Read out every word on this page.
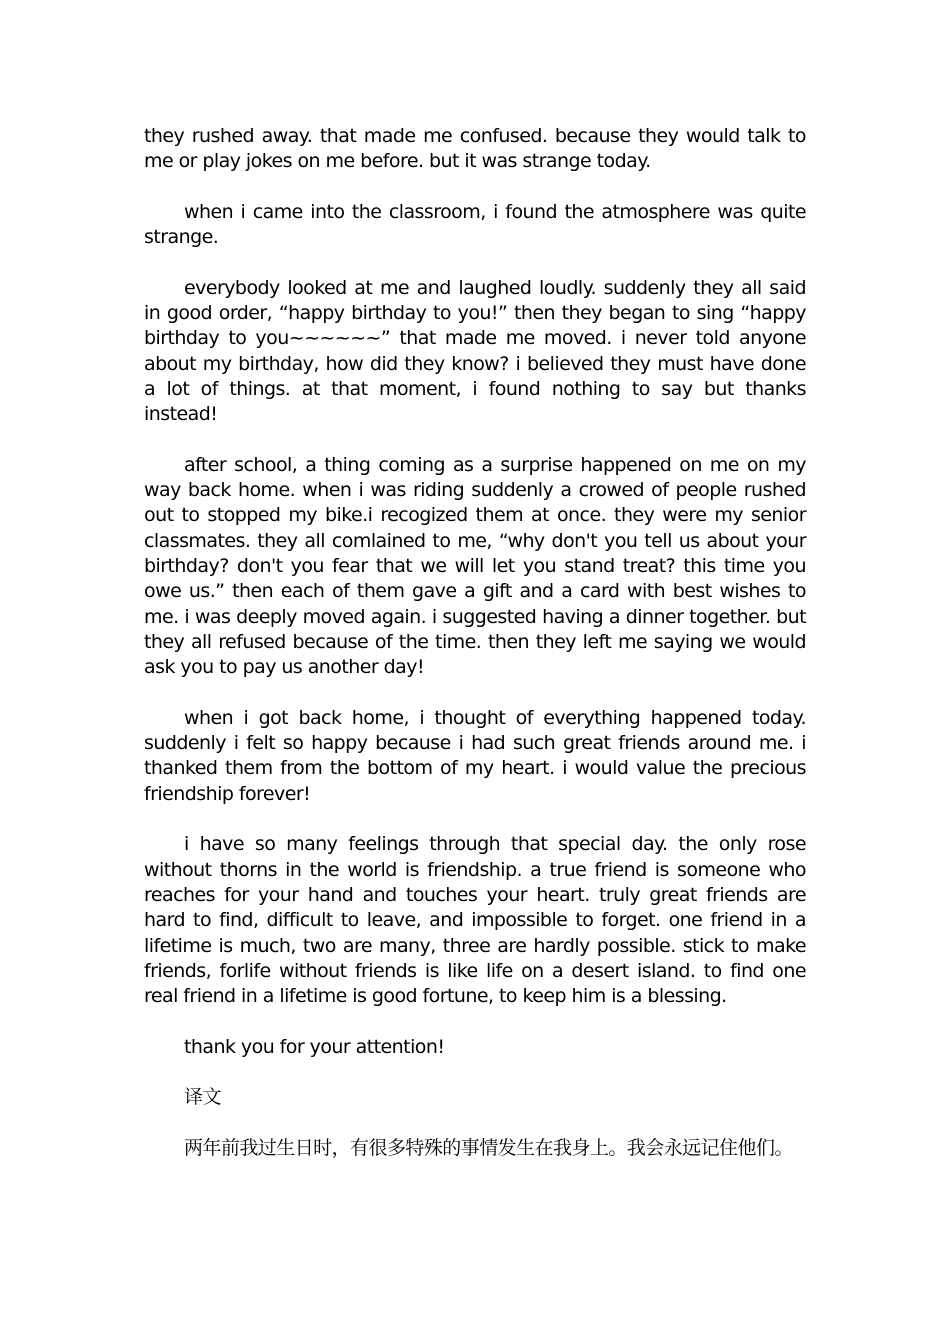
they rushed away. that made me confused. because they would talk to me or play jokes on me before. but it was strange today.

when i came into the classroom, i found the atmosphere was quite strange.

everybody looked at me and laughed loudly. suddenly they all said in good order, “happy birthday to you!” then they began to sing “happy birthday to you~~~~~~” that made me moved. i never told anyone about my birthday, how did they know? i believed they must have done a lot of things. at that moment, i found nothing to say but thanks instead!

after school, a thing coming as a surprise happened on me on my way back home. when i was riding suddenly a crowed of people rushed out to stopped my bike.i recogized them at once. they were my senior classmates. they all comlained to me, “why don't you tell us about your birthday? don't you fear that we will let you stand treat? this time you owe us.” then each of them gave a gift and a card with best wishes to me. i was deeply moved again. i suggested having a dinner together. but they all refused because of the time. then they left me saying we would ask you to pay us another day!

when i got back home, i thought of everything happened today. suddenly i felt so happy because i had such great friends around me. i thanked them from the bottom of my heart. i would value the precious friendship forever!

i have so many feelings through that special day. the only rose without thorns in the world is friendship. a true friend is someone who reaches for your hand and touches your heart. truly great friends are hard to find, difficult to leave, and impossible to forget. one friend in a lifetime is much, two are many, three are hardly possible. stick to make friends, forlife without friends is like life on a desert island. to find one real friend in a lifetime is good fortune, to keep him is a blessing.

thank you for your attention!

译文

两年前我过生日时，有很多特殊的事情发生在我身上。我会永远记住他们。
